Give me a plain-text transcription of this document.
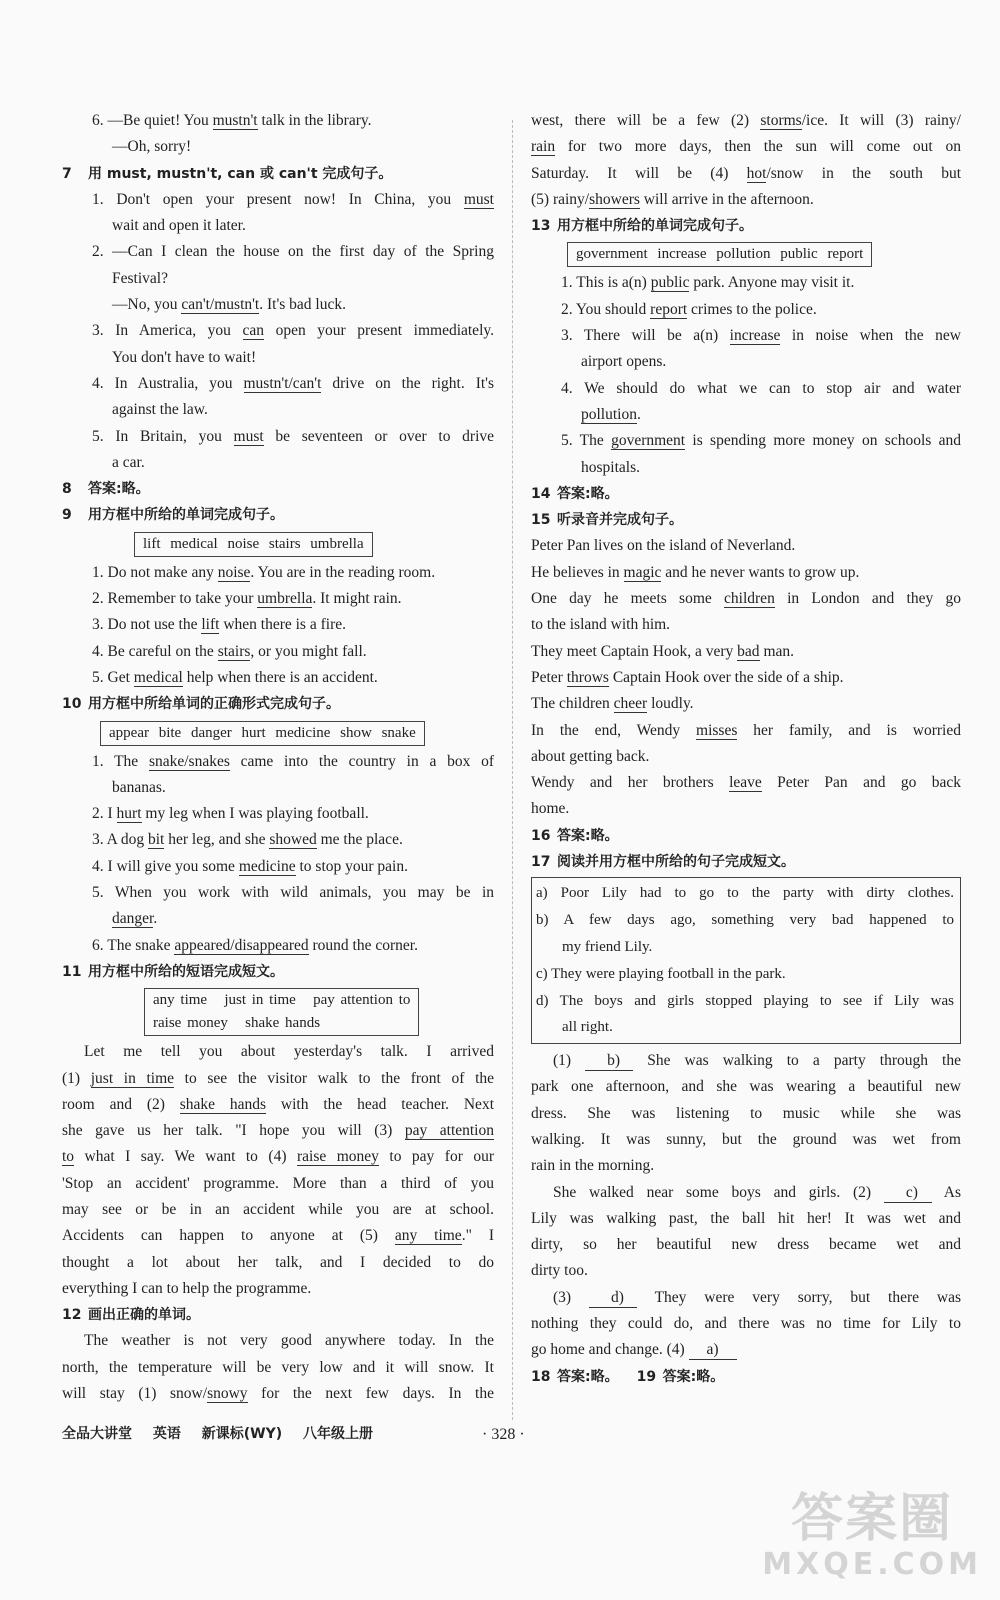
6. —Be quiet! You mustn't talk in the library.
—Oh, sorry!
7 用 must, mustn't, can 或 can't 完成句子。
1. Don't open your present now! In China, you must
wait and open it later.
2. —Can I clean the house on the first day of the Spring
Festival?
—No, you can't/mustn't. It's bad luck.
3. In America, you can open your present immediately.
You don't have to wait!
4. In Australia, you mustn't/can't drive on the right. It's
against the law.
5. In Britain, you must be seventeen or over to drive
a car.
8 答案:略。
9 用方框中所给的单词完成句子。
lift medical noise stairs umbrella
1. Do not make any noise. You are in the reading room.
2. Remember to take your umbrella. It might rain.
3. Do not use the lift when there is a fire.
4. Be careful on the stairs, or you might fall.
5. Get medical help when there is an accident.
10 用方框中所给单词的正确形式完成句子。
appear bite danger hurt medicine show snake
1. The snake/snakes came into the country in a box of
bananas.
2. I hurt my leg when I was playing football.
3. A dog bit her leg, and she showed me the place.
4. I will give you some medicine to stop your pain.
5. When you work with wild animals, you may be in
danger.
6. The snake appeared/disappeared round the corner.
11 用方框中所给的短语完成短文。
any time   just in time   pay attention to
raise money   shake hands
Let me tell you about yesterday's talk. I arrived
(1) just in time to see the visitor walk to the front of the
room and (2) shake hands with the head teacher. Next
she gave us her talk. "I hope you will (3) pay attention
to what I say. We want to (4) raise money to pay for our
'Stop an accident' programme. More than a third of you
may see or be in an accident while you are at school.
Accidents can happen to anyone at (5) any time." I
thought a lot about her talk, and I decided to do
everything I can to help the programme.
12 画出正确的单词。
The weather is not very good anywhere today. In the
north, the temperature will be very low and it will snow. It
will stay (1) snow/snowy for the next few days. In the
west, there will be a few (2) storms/ice. It will (3) rainy/
rain for two more days, then the sun will come out on
Saturday. It will be (4) hot/snow in the south but
(5) rainy/showers will arrive in the afternoon.
13 用方框中所给的单词完成句子。
government increase pollution public report
1. This is a(n) public park. Anyone may visit it.
2. You should report crimes to the police.
3. There will be a(n) increase in noise when the new
airport opens.
4. We should do what we can to stop air and water
pollution.
5. The government is spending more money on schools and
hospitals.
14 答案:略。
15 听录音并完成句子。
Peter Pan lives on the island of Neverland.
He believes in magic and he never wants to grow up.
One day he meets some children in London and they go
to the island with him.
They meet Captain Hook, a very bad man.
Peter throws Captain Hook over the side of a ship.
The children cheer loudly.
In the end, Wendy misses her family, and is worried
about getting back.
Wendy and her brothers leave Peter Pan and go back
home.
16 答案:略。
17 阅读并用方框中所给的句子完成短文。
a) Poor Lily had to go to the party with dirty clothes.
b) A few days ago, something very bad happened to
my friend Lily.
c) They were playing football in the park.
d) The boys and girls stopped playing to see if Lily was
all right.
(1) b) She was walking to a party through the
park one afternoon, and she was wearing a beautiful new
dress. She was listening to music while she was
walking. It was sunny, but the ground was wet from
rain in the morning.
She walked near some boys and girls. (2) c) As
Lily was walking past, the ball hit her! It was wet and
dirty, so her beautiful new dress became wet and
dirty too.
(3) d) They were very sorry, but there was
nothing they could do, and there was no time for Lily to
go home and change. (4) a)
18 答案:略。 19 答案:略。
全品大讲堂 英语 新课标(WY) 八年级上册	· 328 ·
答案圈
MXQE.COM
